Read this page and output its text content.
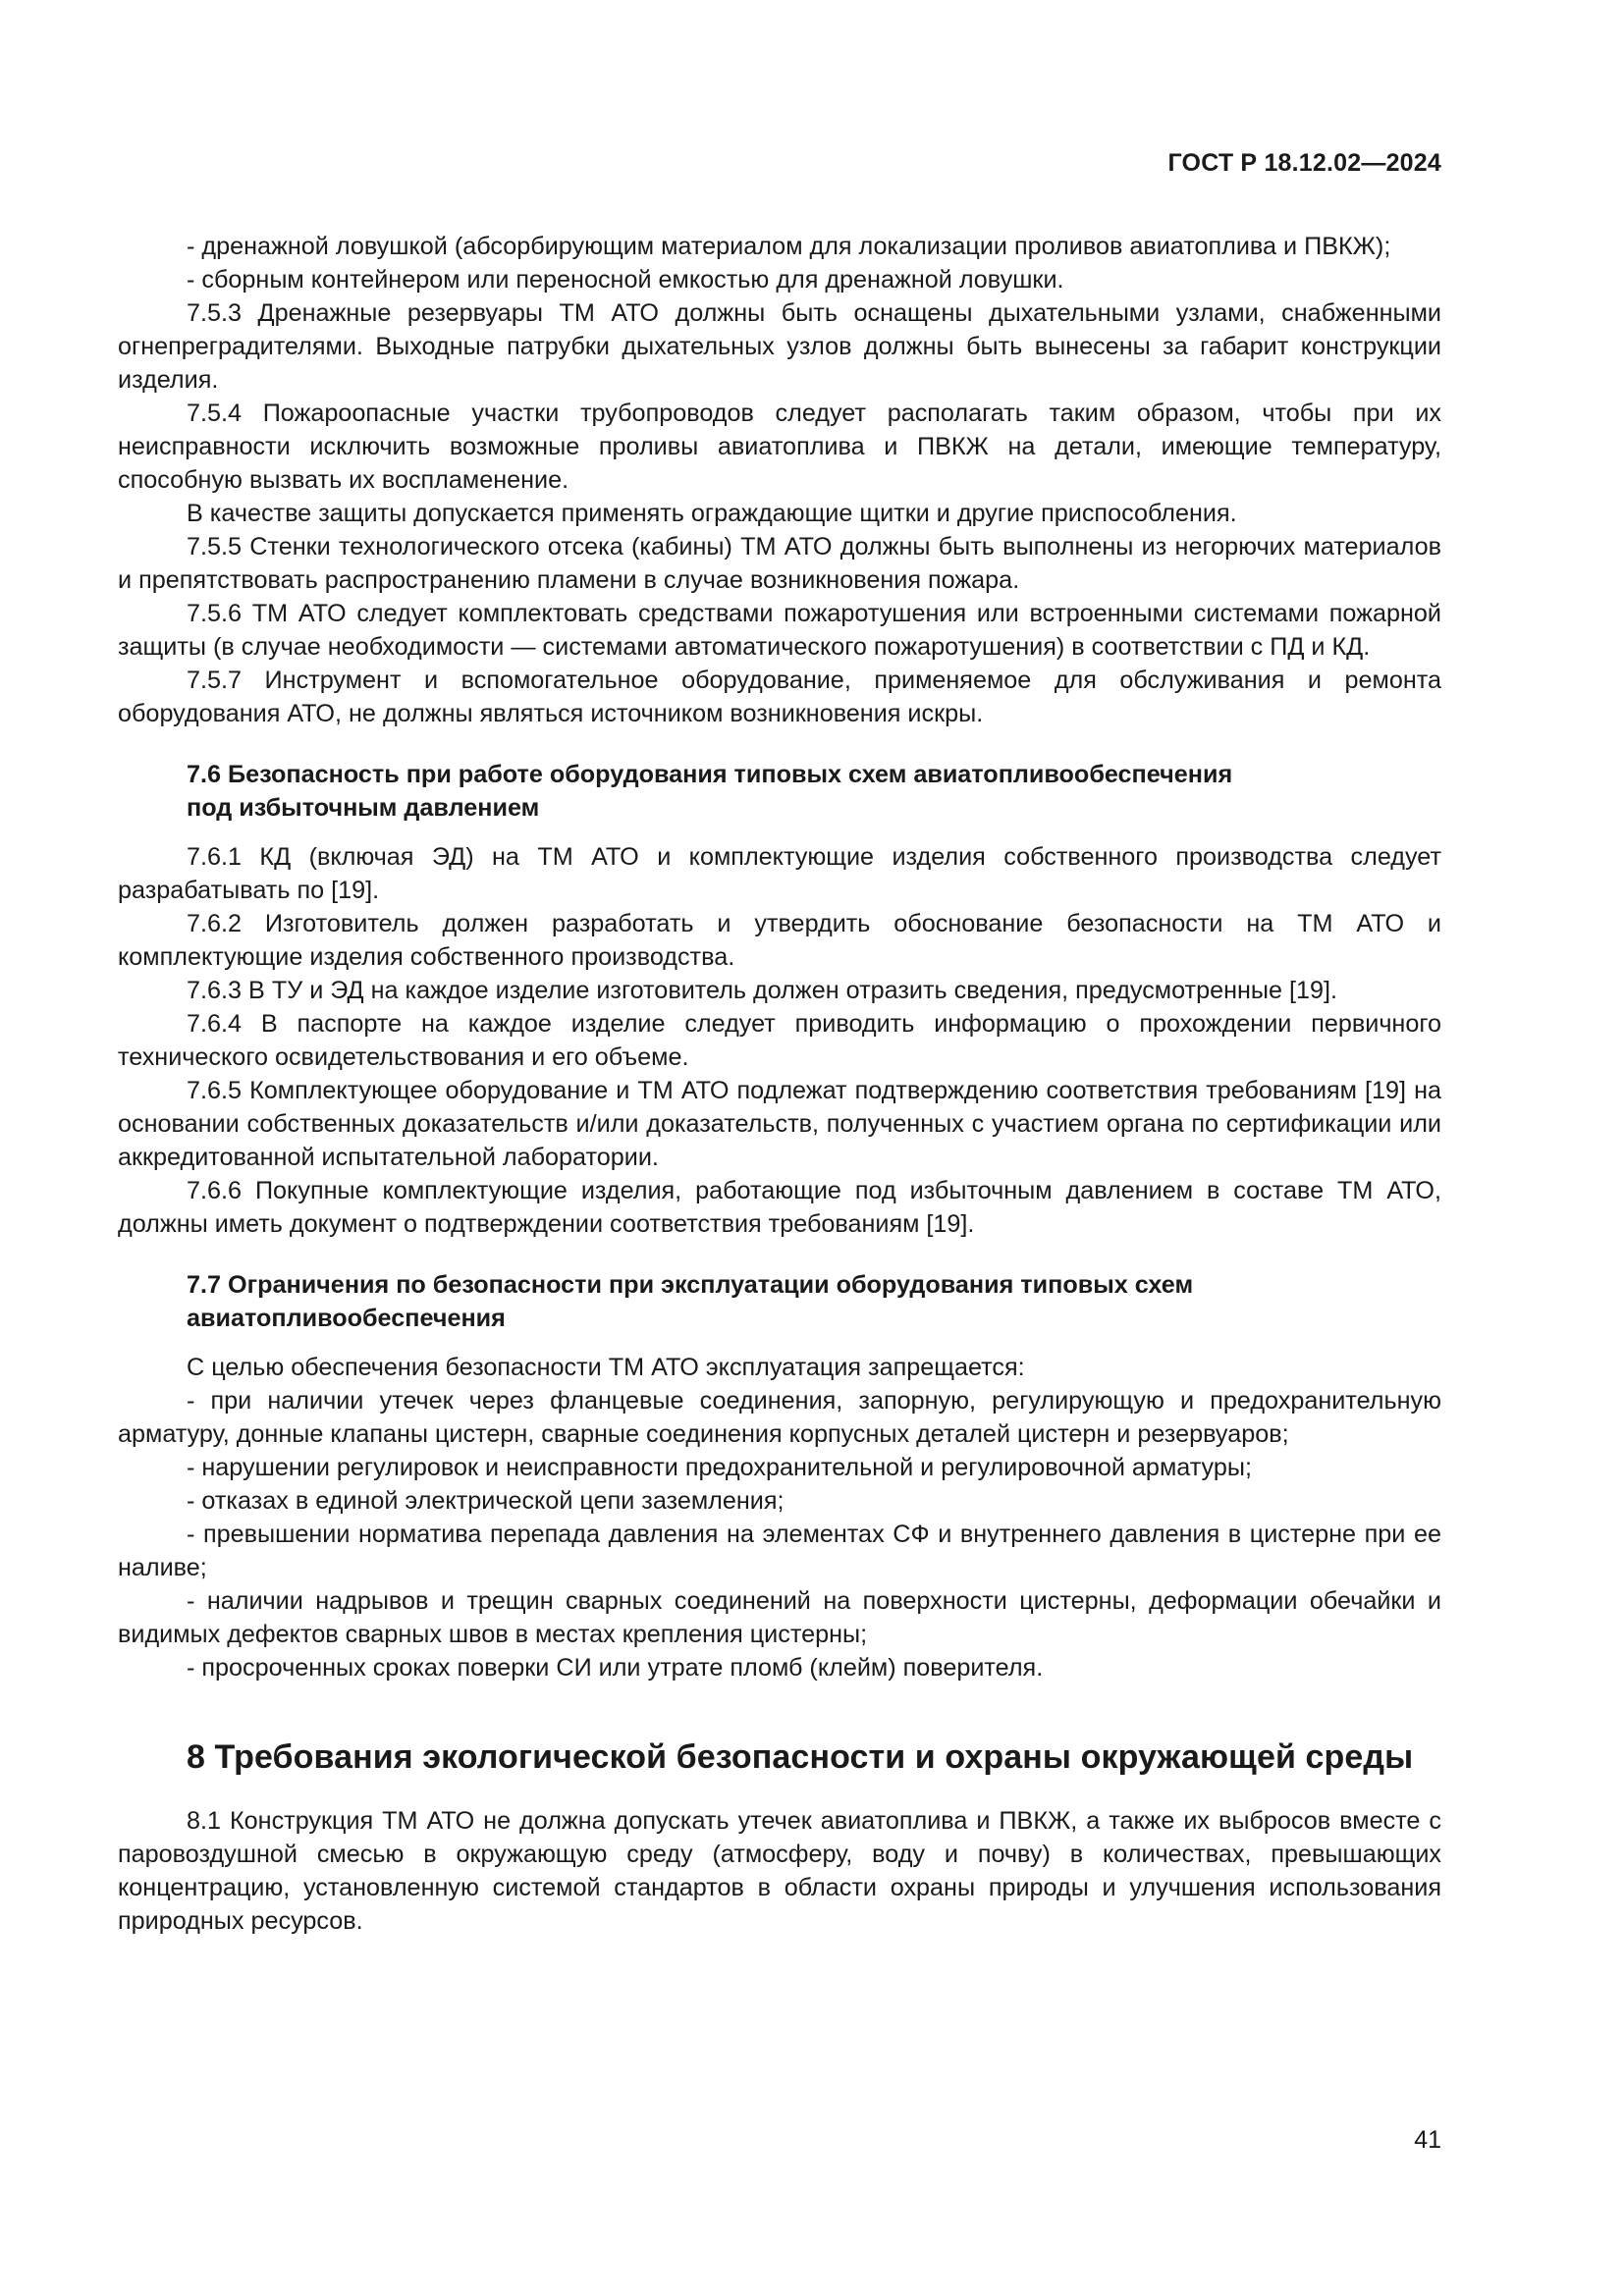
ГОСТ Р 18.12.02—2024

- дренажной ловушкой (абсорбирующим материалом для локализации проливов авиатоплива и ПВКЖ);

- сборным контейнером или переносной емкостью для дренажной ловушки.

7.5.3 Дренажные резервуары ТМ АТО должны быть оснащены дыхательными узлами, снабженными огнепреградителями. Выходные патрубки дыхательных узлов должны быть вынесены за габарит конструкции изделия.

7.5.4 Пожароопасные участки трубопроводов следует располагать таким образом, чтобы при их неисправности исключить возможные проливы авиатоплива и ПВКЖ на детали, имеющие температуру, способную вызвать их воспламенение.

В качестве защиты допускается применять ограждающие щитки и другие приспособления.

7.5.5 Стенки технологического отсека (кабины) ТМ АТО должны быть выполнены из негорючих материалов и препятствовать распространению пламени в случае возникновения пожара.

7.5.6 ТМ АТО следует комплектовать средствами пожаротушения или встроенными системами пожарной защиты (в случае необходимости — системами автоматического пожаротушения) в соответствии с ПД и КД.

7.5.7 Инструмент и вспомогательное оборудование, применяемое для обслуживания и ремонта оборудования АТО, не должны являться источником возникновения искры.

7.6 Безопасность при работе оборудования типовых схем авиатопливообеспечения
под избыточным давлением

7.6.1 КД (включая ЭД) на ТМ АТО и комплектующие изделия собственного производства следует разрабатывать по [19].

7.6.2 Изготовитель должен разработать и утвердить обоснование безопасности на ТМ АТО и комплектующие изделия собственного производства.

7.6.3 В ТУ и ЭД на каждое изделие изготовитель должен отразить сведения, предусмотренные [19].

7.6.4 В паспорте на каждое изделие следует приводить информацию о прохождении первичного технического освидетельствования и его объеме.

7.6.5 Комплектующее оборудование и ТМ АТО подлежат подтверждению соответствия требованиям [19] на основании собственных доказательств и/или доказательств, полученных с участием органа по сертификации или аккредитованной испытательной лаборатории.

7.6.6 Покупные комплектующие изделия, работающие под избыточным давлением в составе ТМ АТО, должны иметь документ о подтверждении соответствия требованиям [19].

7.7 Ограничения по безопасности при эксплуатации оборудования типовых схем
авиатопливообеспечения

С целью обеспечения безопасности ТМ АТО эксплуатация запрещается:

- при наличии утечек через фланцевые соединения, запорную, регулирующую и предохранительную арматуру, донные клапаны цистерн, сварные соединения корпусных деталей цистерн и резервуаров;

- нарушении регулировок и неисправности предохранительной и регулировочной арматуры;

- отказах в единой электрической цепи заземления;

- превышении норматива перепада давления на элементах СФ и внутреннего давления в цистерне при ее наливе;

- наличии надрывов и трещин сварных соединений на поверхности цистерны, деформации обечайки и видимых дефектов сварных швов в местах крепления цистерны;

- просроченных сроках поверки СИ или утрате пломб (клейм) поверителя.

8 Требования экологической безопасности и охраны окружающей среды

8.1 Конструкция ТМ АТО не должна допускать утечек авиатоплива и ПВКЖ, а также их выбросов вместе с паровоздушной смесью в окружающую среду (атмосферу, воду и почву) в количествах, превышающих концентрацию, установленную системой стандартов в области охраны природы и улучшения использования природных ресурсов.

41
